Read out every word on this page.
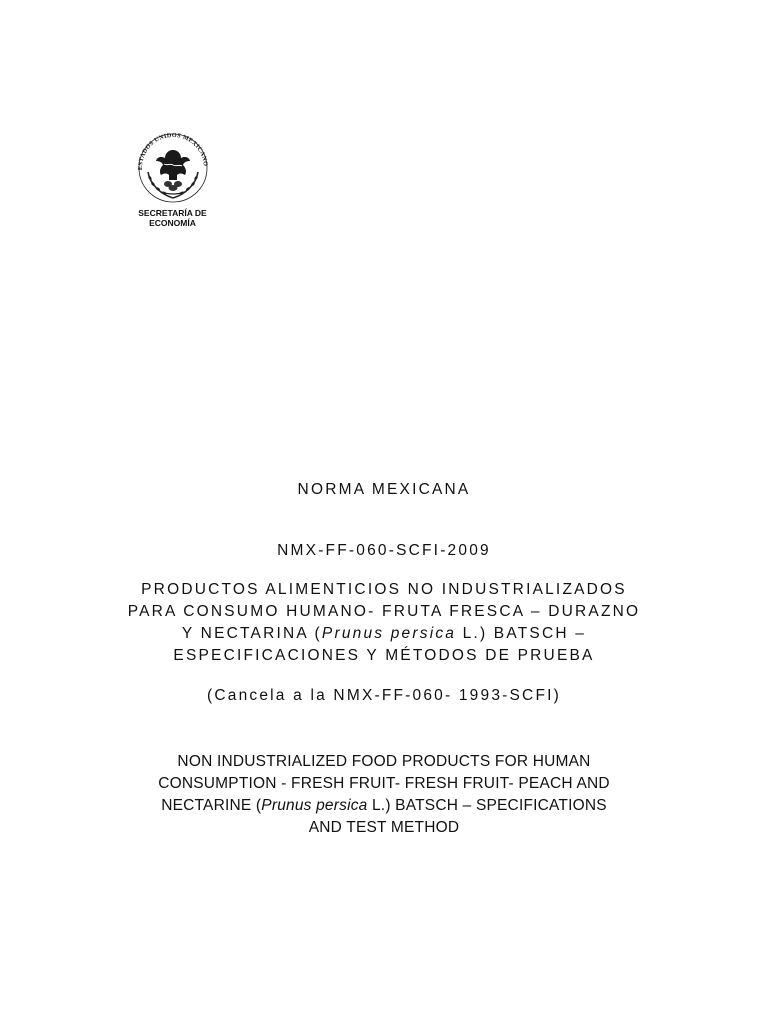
ESTADOS UNIDOS MEXICANO
SECRETARÍA DE
ECONOMÍA
NORMA MEXICANA
NMX-FF-060-SCFI-2009
PRODUCTOS ALIMENTICIOS NO INDUSTRIALIZADOS
PARA CONSUMO HUMANO- FRUTA FRESCA – DURAZNO
Y NECTARINA (Prunus persica L.) BATSCH –
ESPECIFICACIONES Y MÉTODOS DE PRUEBA
(Cancela a la NMX-FF-060- 1993-SCFI)
NON INDUSTRIALIZED FOOD PRODUCTS FOR HUMAN
CONSUMPTION - FRESH FRUIT- FRESH FRUIT- PEACH AND
NECTARINE (Prunus persica L.) BATSCH – SPECIFICATIONS
AND TEST METHOD
